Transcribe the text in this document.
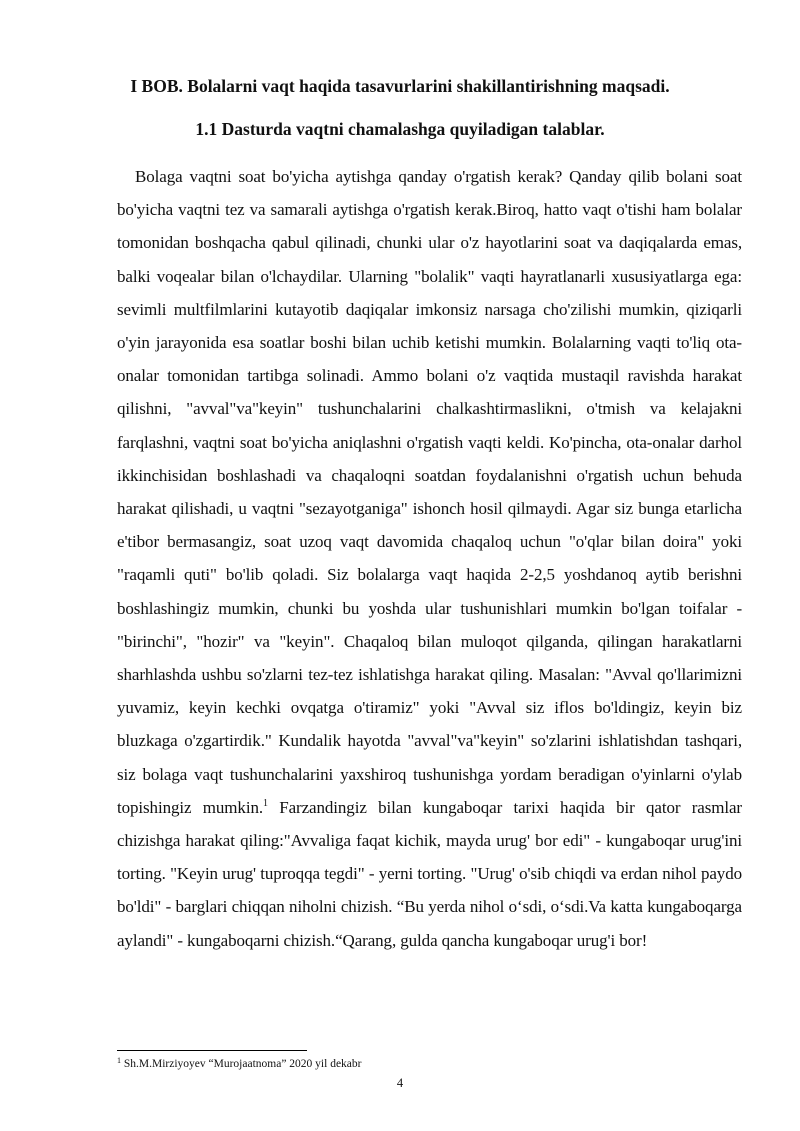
I BOB. Bolalarni vaqt haqida tasavurlarini shakillantirishning maqsadi.
1.1 Dasturda vaqtni chamalashga quyiladigan talablar.

Bolaga vaqtni soat bo'yicha aytishga qanday o'rgatish kerak? Qanday qilib bolani soat bo'yicha vaqtni tez va samarali aytishga o'rgatish kerak.Biroq, hatto vaqt o'tishi ham bolalar tomonidan boshqacha qabul qilinadi, chunki ular o'z hayotlarini soat va daqiqalarda emas, balki voqealar bilan o'lchaydilar. Ularning "bolalik" vaqti hayratlanarli xususiyatlarga ega: sevimli multfilmlarini kutayotib daqiqalar imkonsiz narsaga cho'zilishi mumkin, qiziqarli o'yin jarayonida esa soatlar boshi bilan uchib ketishi mumkin. Bolalarning vaqti to'liq ota-onalar tomonidan tartibga solinadi. Ammo bolani o'z vaqtida mustaqil ravishda harakat qilishni, "avval"va"keyin" tushunchalarini chalkashtirmaslikni, o'tmish va kelajakni farqlashni, vaqtni soat bo'yicha aniqlashni o'rgatish vaqti keldi. Ko'pincha, ota-onalar darhol ikkinchisidan boshlashadi va chaqaloqni soatdan foydalanishni o'rgatish uchun behuda harakat qilishadi, u vaqtni "sezayotganiga" ishonch hosil qilmaydi. Agar siz bunga etarlicha e'tibor bermasangiz, soat uzoq vaqt davomida chaqaloq uchun "o'qlar bilan doira" yoki "raqamli quti" bo'lib qoladi. Siz bolalarga vaqt haqida 2-2,5 yoshdanoq aytib berishni boshlashingiz mumkin, chunki bu yoshda ular tushunishlari mumkin bo'lgan toifalar - "birinchi", "hozir" va "keyin". Chaqaloq bilan muloqot qilganda, qilingan harakatlarni sharhlashda ushbu so'zlarni tez-tez ishlatishga harakat qiling. Masalan: "Avval qo'llarimizni yuvamiz, keyin kechki ovqatga o'tiramiz" yoki "Avval siz iflos bo'ldingiz, keyin biz bluzkaga o'zgartirdik." Kundalik hayotda "avval"va"keyin" so'zlarini ishlatishdan tashqari, siz bolaga vaqt tushunchalarini yaxshiroq tushunishga yordam beradigan o'yinlarni o'ylab topishingiz mumkin.$^1$ Farzandingiz bilan kungaboqar tarixi haqida bir qator rasmlar chizishga harakat qiling:"Avvaliga faqat kichik, mayda urug' bor edi" - kungaboqar urug'ini torting. "Keyin urug' tuproqqa tegdi" - yerni torting. "Urug' o'sib chiqdi va erdan nihol paydo bo'ldi" - barglari chiqqan niholni chizish. “Bu yerda nihol o‘sdi, o‘sdi.Va katta kungaboqarga aylandi" - kungaboqarni chizish.“Qarang, gulda qancha kungaboqar urug'i bor!

$^1$ Sh.M.Mirziyoyev “Murojaatnoma” 2020 yil dekabr

4
